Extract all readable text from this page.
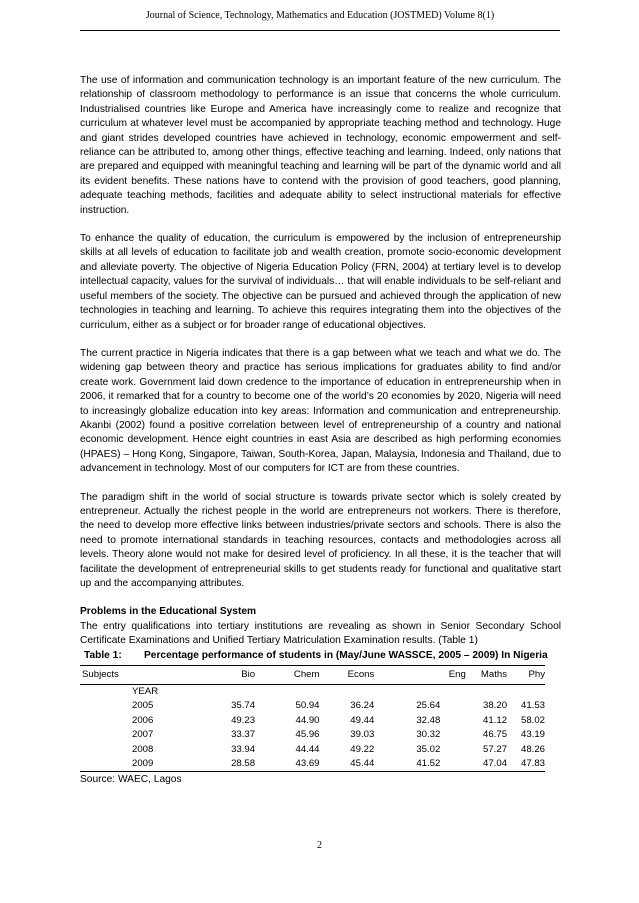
Journal of Science, Technology, Mathematics and Education (JOSTMED) Volume 8(1)

The use of information and communication technology is an important feature of the new curriculum. The relationship of classroom methodology to performance is an issue that concerns the whole curriculum. Industrialised countries like Europe and America have increasingly come to realize and recognize that curriculum at whatever level must be accompanied by appropriate teaching method and technology. Huge and giant strides developed countries have achieved in technology, economic empowerment and self-reliance can be attributed to, among other things, effective teaching and learning. Indeed, only nations that are prepared and equipped with meaningful teaching and learning will be part of the dynamic world and all its evident benefits. These nations have to contend with the provision of good teachers, good planning, adequate teaching methods, facilities and adequate ability to select instructional materials for effective instruction.

To enhance the quality of education, the curriculum is empowered by the inclusion of entrepreneurship skills at all levels of education to facilitate job and wealth creation, promote socio-economic development and alleviate poverty. The objective of Nigeria Education Policy (FRN, 2004) at tertiary level is to develop intellectual capacity, values for the survival of individuals… that will enable individuals to be self-reliant and useful members of the society. The objective can be pursued and achieved through the application of new technologies in teaching and learning. To achieve this requires integrating them into the objectives of the curriculum, either as a subject or for broader range of educational objectives.

The current practice in Nigeria indicates that there is a gap between what we teach and what we do. The widening gap between theory and practice has serious implications for graduates ability to find and/or create work. Government laid down credence to the importance of education in entrepreneurship when in 2006, it remarked that for a country to become one of the world’s 20 economies by 2020, Nigeria will need to increasingly globalize education into key areas: Information and communication and entrepreneurship. Akanbi (2002) found a positive correlation between level of entrepreneurship of a country and national economic development. Hence eight countries in east Asia are described as high performing economies (HPAES) – Hong Kong, Singapore, Taiwan, South-Korea, Japan, Malaysia, Indonesia and Thailand, due to advancement in technology. Most of our computers for ICT are from these countries.

The paradigm shift in the world of social structure is towards private sector which is solely created by entrepreneur. Actually the richest people in the world are entrepreneurs not workers. There is therefore, the need to develop more effective links between industries/private sectors and schools. There is also the need to promote international standards in teaching resources, contacts and methodologies across all levels. Theory alone would not make for desired level of proficiency. In all these, it is the teacher that will facilitate the development of entrepreneurial skills to get students ready for functional and qualitative start up and the accompanying attributes.

Problems in the Educational System

The entry qualifications into tertiary institutions are revealing as shown in Senior Secondary School Certificate Examinations and Unified Tertiary Matriculation Examination results. (Table 1)

Table 1:	Percentage performance of students in (May/June WASSCE, 2005 – 2009) In Nigeria
Subjects	Bio	Chem	Econs	Eng	Maths	Phy
YEAR						
2005	35.74	50.94	36.24	25.64	38.20	41.53
2006	49.23	44.90	49.44	32.48	41.12	58.02
2007	33.37	45.96	39.03	30.32	46.75	43.19
2008	33.94	44.44	49.22	35.02	57.27	48.26
2009	28.58	43.69	45.44	41.52	47.04	47.83
Source: WAEC, Lagos
2
